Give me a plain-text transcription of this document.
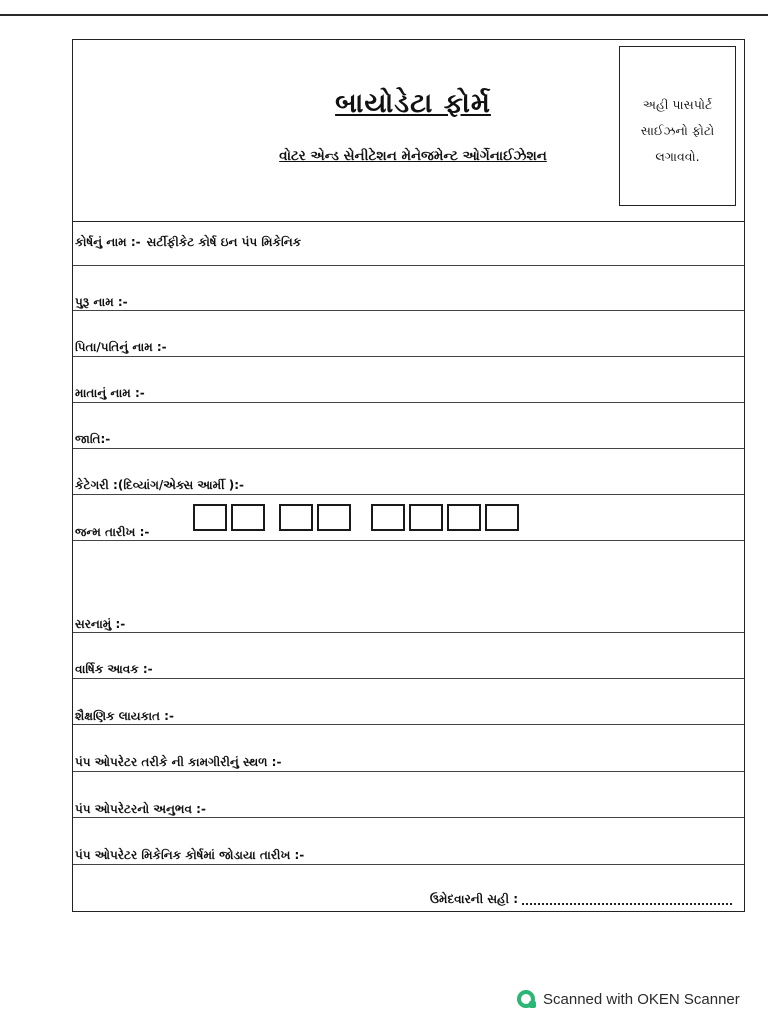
બાયોડેટા ફોર્મ
વોટર એન્ડ સેનીટેશન મેનેજમેન્ટ ઓર્ગેનાઈઝેશન
અહી પાસપોર્ટ સાઈઝનો ફોટો લગાવવો.
કોર્ષનું નામ :- સર્ટીફીકેટ કોર્ષ ઇન પંપ મિકેનિક
પુરૂ નામ :-
પિતા/પતિનું નામ :-
માતાનું નામ :-
જાતિ:-
કેટેગરી :(દિવ્યાંગ/એક્સ આર્મી ):-
જન્મ તારીખ :-
સરનામું :-
વાર્ષિક આવક :-
શૈક્ષણિક લાયકાત :-
પંપ ઓપરેટર તરીકે ની કામગીરીનું સ્થળ :-
પંપ ઓપરેટરનો અનુભવ :-
પંપ ઓપરેટર મિકેનિક કોર્ષમાં જોડાયા તારીખ :-
ઉમેદવારની સહી :
Scanned with OKEN Scanner
